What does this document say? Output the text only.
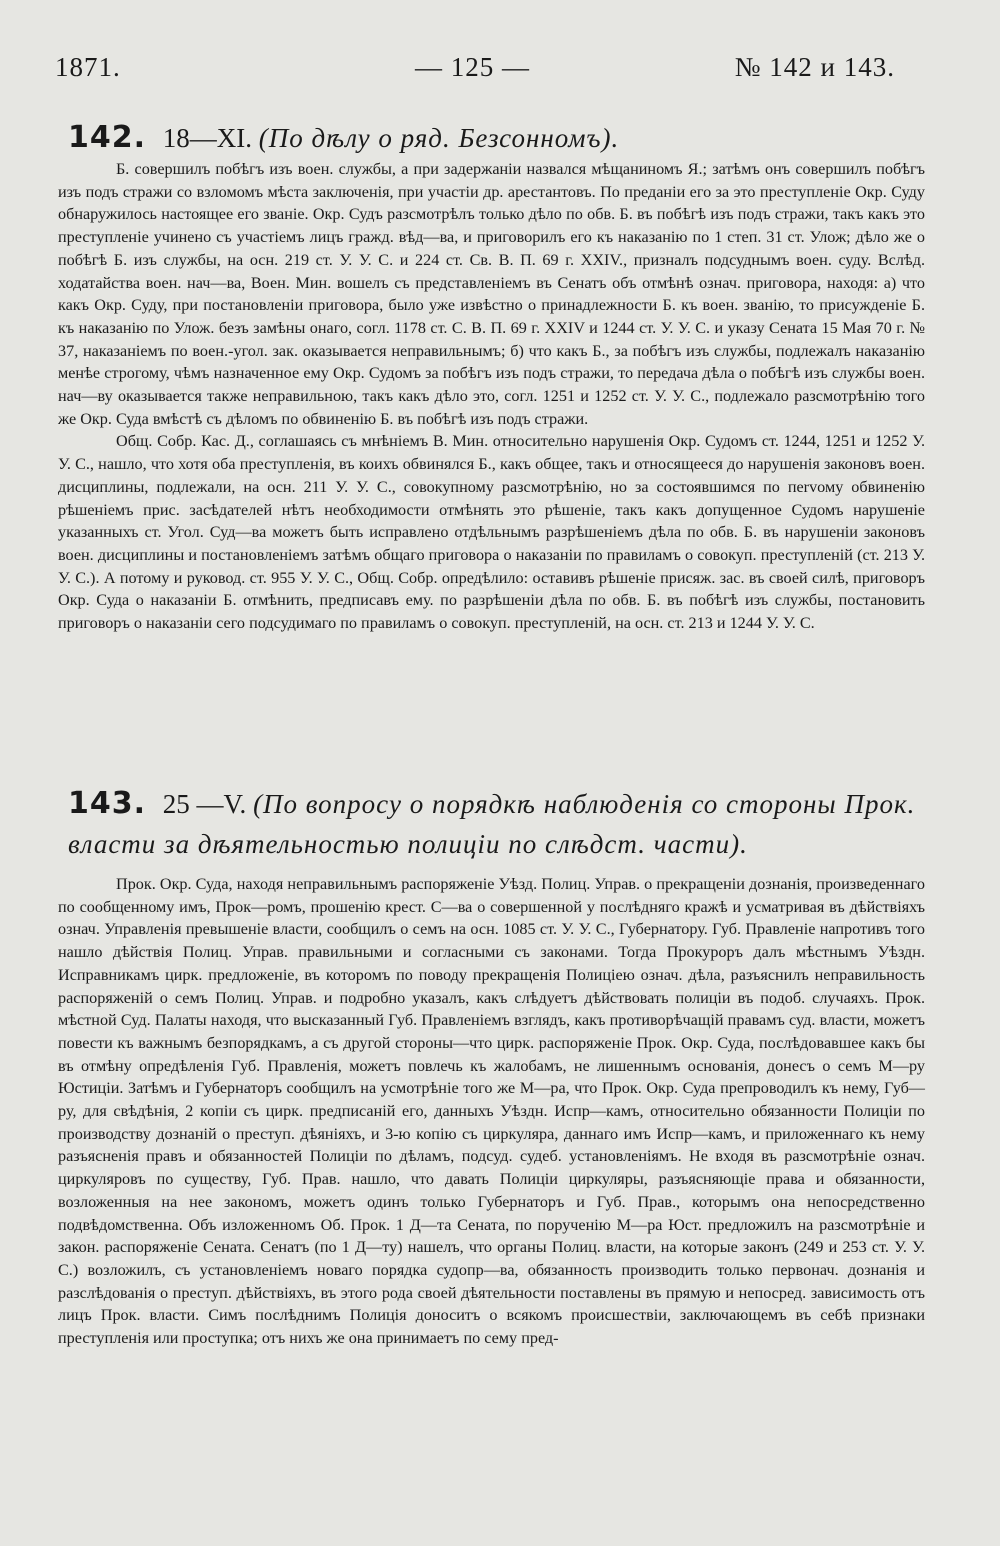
1871.	— 125 —	№ 142 и 143.
142. 18—XI. (По дѣлу о ряд. Безсонномъ).

Б. совершилъ побѣгъ изъ воен. службы, а при задержаніи назвался мѣщаниномъ Я.; затѣмъ онъ совершилъ побѣгъ изъ подъ стражи со взломомъ мѣста заключенія, при участіи др. арестантовъ. По преданіи его за это преступленіе Окр. Суду обнаружилось настоящее его званіе. Окр. Судъ разсмотрѣлъ только дѣло по обв. Б. въ побѣгѣ изъ подъ стражи, такъ какъ это преступленіе учинено съ участіемъ лицъ гражд. вѣд—ва, и приговорилъ его къ наказанію по 1 степ. 31 ст. Улож; дѣло же о побѣгѣ Б. изъ службы, на осн. 219 ст. У. У. С. и 224 ст. Св. В. П. 69 г. XXIV., призналъ подсуднымъ воен. суду. Вслѣд. ходатайства воен. нач—ва, Воен. Мин. вошелъ съ представленіемъ въ Сенатъ объ отмѣнѣ означ. приговора, находя: а) что какъ Окр. Суду, при постановленіи приговора, было уже извѣстно о принадлежности Б. къ воен. званію, то присужденіе Б. къ наказанію по Улож. безъ замѣны онаго, согл. 1178 ст. С. В. П. 69 г. XXIV и 1244 ст. У. У. С. и указу Сената 15 Мая 70 г. № 37, наказаніемъ по воен.-угол. зак. оказывается неправильнымъ; б) что какъ Б., за побѣгъ изъ службы, подлежалъ наказанію менѣе строгому, чѣмъ назначенное ему Окр. Судомъ за побѣгъ изъ подъ стражи, то передача дѣла о побѣгѣ изъ службы воен. нач—ву оказывается также неправильною, такъ какъ дѣло это, согл. 1251 и 1252 ст. У. У. С., подлежало разсмотрѣнію того же Окр. Суда вмѣстѣ съ дѣломъ по обвиненію Б. въ побѣгѣ изъ подъ стражи.

Общ. Собр. Кас. Д., соглашаясь съ мнѣніемъ В. Мин. относительно нарушенія Окр. Судомъ ст. 1244, 1251 и 1252 У. У. С., нашло, что хотя оба преступленія, въ коихъ обвинялся Б., какъ общее, такъ и относящееся до нарушенія законовъ воен. дисциплины, подлежали, на осн. 211 У. У. С., совокупному разсмотрѣнію, но за состоявшимся по пervому обвиненію рѣшеніемъ прис. засѣдателей нѣтъ необходимости отмѣнять это рѣшеніе, такъ какъ допущенное Судомъ нарушеніе указанныхъ ст. Угол. Суд—ва можетъ быть исправлено отдѣльнымъ разрѣшеніемъ дѣла по обв. Б. въ нарушеніи законовъ воен. дисциплины и постановленіемъ затѣмъ общаго приговора о наказаніи по правиламъ о совокуп. преступленій (ст. 213 У. У. С.). А потому и руковод. ст. 955 У. У. С., Общ. Собр. опредѣлило: оставивъ рѣшеніе присяж. зас. въ своей силѣ, приговоръ Окр. Суда о наказаніи Б. отмѣнить, предписавъ ему. по разрѣшеніи дѣла по обв. Б. въ побѣгѣ изъ службы, постановить приговоръ о наказаніи сего подсудимаго по правиламъ о совокуп. преступленій, на осн. ст. 213 и 1244 У. У. С.

143. 25 —V. (По вопросу о порядкѣ наблюденія со стороны Прок. власти за дѣятельностью полиціи по слѣдст. части).

Прок. Окр. Суда, находя неправильнымъ распоряженіе Уѣзд. Полиц. Управ. о прекращеніи дознанія, произведеннаго по сообщенному имъ, Прок—ромъ, прошенію крест. С—ва о совершенной у послѣдняго кражѣ и усматривая въ дѣйствіяхъ означ. Управленія превышеніе власти, сообщилъ о семъ на осн. 1085 ст. У. У. С., Губернатору. Губ. Правленіе напротивъ того нашло дѣйствія Полиц. Управ. правильными и согласными съ законами. Тогда Прокуроръ далъ мѣстнымъ Уѣздн. Исправникамъ цирк. предложеніе, въ которомъ по поводу прекращенія Полиціею означ. дѣла, разъяснилъ неправильность распоряженій о семъ Полиц. Управ. и подробно указалъ, какъ слѣдуетъ дѣйствовать полиціи въ подоб. случаяхъ. Прок. мѣстной Суд. Палаты находя, что высказанный Губ. Правленіемъ взглядъ, какъ противорѣчащій правамъ суд. власти, можетъ повести къ важнымъ безпорядкамъ, а съ другой стороны—что цирк. распоряженіе Прок. Окр. Суда, послѣдовавшее какъ бы въ отмѣну опредѣленія Губ. Правленія, можетъ повлечь къ жалобамъ, не лишеннымъ основанія, донесъ о семъ М—ру Юстиціи. Затѣмъ и Губернаторъ сообщилъ на усмотрѣніе того же М—ра, что Прок. Окр. Суда препроводилъ къ нему, Губ—ру, для свѣдѣнія, 2 копіи съ цирк. предписаній его, данныхъ Уѣздн. Испр—камъ, относительно обязанности Полиціи по производству дознаній о преступ. дѣяніяхъ, и 3-ю копію съ циркуляра, даннаго имъ Испр—камъ, и приложеннаго къ нему разъясненія правъ и обязанностей Полиціи по дѣламъ, подсуд. судеб. установленіямъ. Не входя въ разсмотрѣніе означ. циркуляровъ по существу, Губ. Прав. нашло, что давать Полиціи циркуляры, разъясняющіе права и обязанности, возложенныя на нее закономъ, можетъ одинъ только Губернаторъ и Губ. Прав., которымъ она непосредственно подвѣдомственна. Объ изложенномъ Об. Прок. 1 Д—та Сената, по порученію М—ра Юст. предложилъ на разсмотрѣніе и закон. распоряженіе Сената. Сенатъ (по 1 Д—ту) нашелъ, что органы Полиц. власти, на которые законъ (249 и 253 ст. У. У. С.) возложилъ, съ установленіемъ новаго порядка судопр—ва, обязанность производить только первонач. дознанія и разслѣдованія о преступ. дѣйствіяхъ, въ этого рода своей дѣятельности поставлены въ прямую и непосред. зависимость отъ лицъ Прок. власти. Симъ послѣднимъ Полиція доноситъ о всякомъ происшествіи, заключающемъ въ себѣ признаки преступленія или проступка; отъ нихъ же она принимаетъ по сему пред-
